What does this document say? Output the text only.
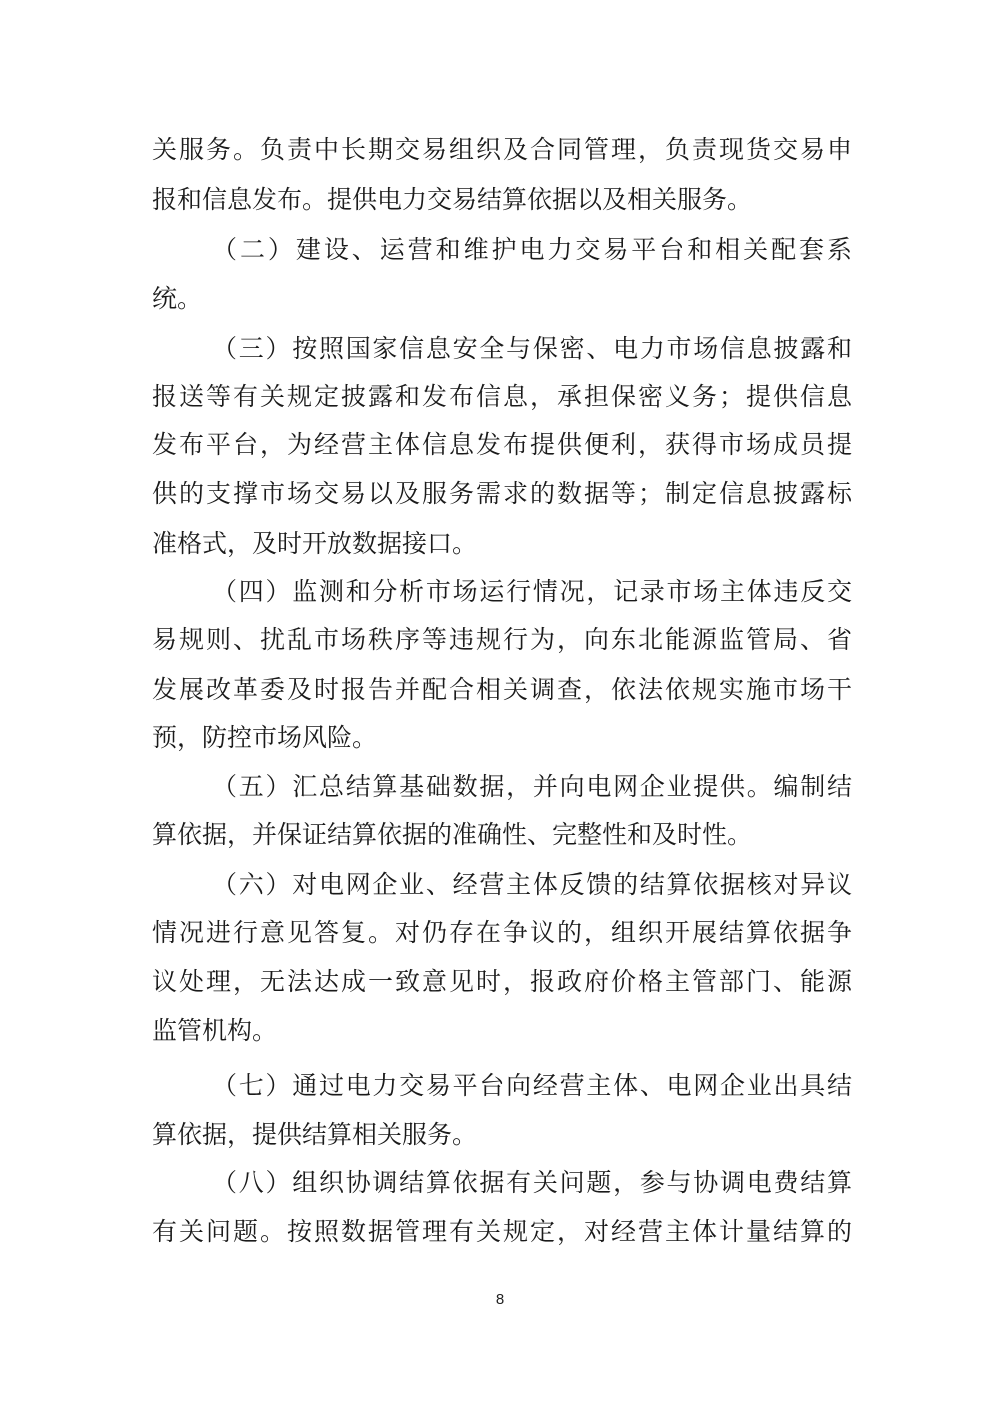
关服务。负责中长期交易组织及合同管理，负责现货交易申
报和信息发布。提供电力交易结算依据以及相关服务。
（二）建设、运营和维护电力交易平台和相关配套系
统。
（三）按照国家信息安全与保密、电力市场信息披露和
报送等有关规定披露和发布信息，承担保密义务；提供信息
发布平台，为经营主体信息发布提供便利，获得市场成员提
供的支撑市场交易以及服务需求的数据等；制定信息披露标
准格式，及时开放数据接口。
（四）监测和分析市场运行情况，记录市场主体违反交
易规则、扰乱市场秩序等违规行为，向东北能源监管局、省
发展改革委及时报告并配合相关调查，依法依规实施市场干
预，防控市场风险。
（五）汇总结算基础数据，并向电网企业提供。编制结
算依据，并保证结算依据的准确性、完整性和及时性。
（六）对电网企业、经营主体反馈的结算依据核对异议
情况进行意见答复。对仍存在争议的，组织开展结算依据争
议处理，无法达成一致意见时，报政府价格主管部门、能源
监管机构。
（七）通过电力交易平台向经营主体、电网企业出具结
算依据，提供结算相关服务。
（八）组织协调结算依据有关问题，参与协调电费结算
有关问题。按照数据管理有关规定，对经营主体计量结算的
8
